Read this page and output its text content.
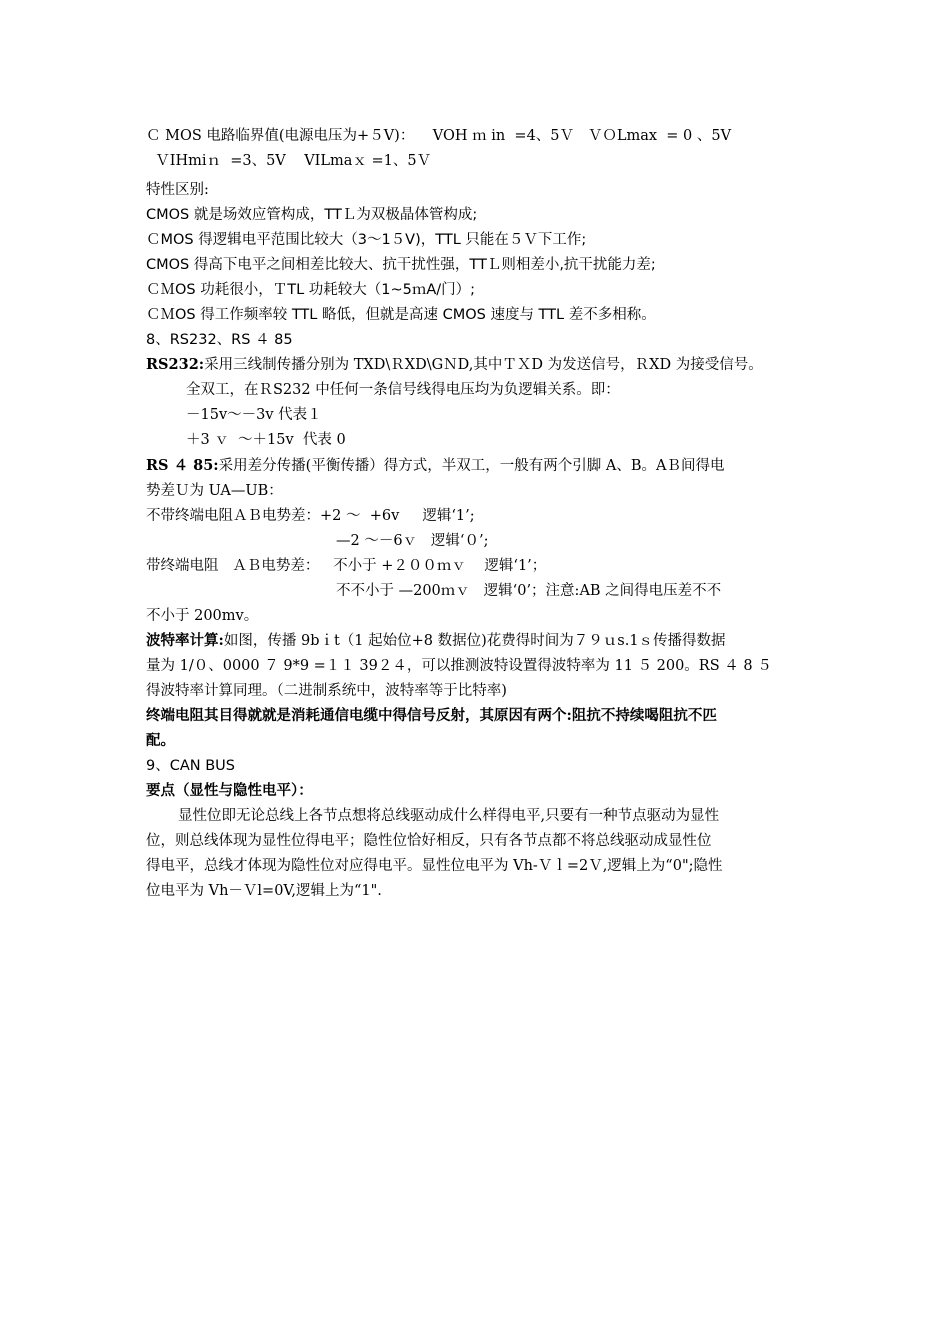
Ｃ MOS 电路临界值(电源电压为+５V)：    VOH ｍ in  =4、5Ｖ   ＶＯLmax  = 0 、5V
ＶIHmiｎ  =3、5V    VILmaｘ =1、5Ｖ
特性区别:
CMOS 就是场效应管构成，TTＬ为双极晶体管构成;
ＣMOS 得逻辑电平范围比较大（3～1５V)，TTL 只能在５Ｖ下工作;
CMOS 得高下电平之间相差比较大、抗干扰性强，TTＬ则相差小,抗干扰能力差;
ＣＭOS 功耗很小，ＴTL 功耗较大（1~5ｍA/门）;
ＣＭOS 得工作频率较 TTL 略低，但就是高速 CMOS 速度与 TTL 差不多相称。
8、RS232、RS ４ 85
RS232:采用三线制传播分别为 TXD\ＲXD\GＮD,其中ＴＸD 为发送信号，ＲXD 为接受信号。
全双工，在ＲS232 中任何一条信号线得电压均为负逻辑关系。即：
－15v～－3v 代表１
＋3 ｖ  ～＋15v  代表 0
RS ４ 85:采用差分传播(平衡传播）得方式，半双工，一般有两个引脚 A、B。AＢ间得电
势差Ｕ为 UA—UB：
不带终端电阻ＡＢ电势差：+2 ～  +6v     逻辑‘1’;
—2 ～－6ｖ   逻辑‘０’;
带终端电阻   ＡＢ电势差：   不小于 +２００ｍｖ    逻辑‘1’；
不不小于 —200ｍｖ   逻辑‘0’；注意:AB 之间得电压差不不
不小于 200mv。
波特率计算:如图，传播 9bｉt（1 起始位+8 数据位)花费得时间为７９ｕs.1ｓ传播得数据
量为 1/０、0000 ７ 9*9 =１１ 39２４，可以推测波特设置得波特率为 11 ５ 200。RS ４ 8 ５
得波特率计算同理。（二进制系统中，波特率等于比特率)
终端电阻其目得就就是消耗通信电缆中得信号反射，其原因有两个:阻抗不持续喝阻抗不匹
配。
9、CAN BUS
要点（显性与隐性电平）：
显性位即无论总线上各节点想将总线驱动成什么样得电平,只要有一种节点驱动为显性
位，则总线体现为显性位得电平；隐性位恰好相反，只有各节点都不将总线驱动成显性位
得电平，总线才体现为隐性位对应得电平。显性位电平为 Vh-Ｖｌ=2Ｖ,逻辑上为“0";隐性
位电平为 Vh－Ｖl=0V,逻辑上为“1".
